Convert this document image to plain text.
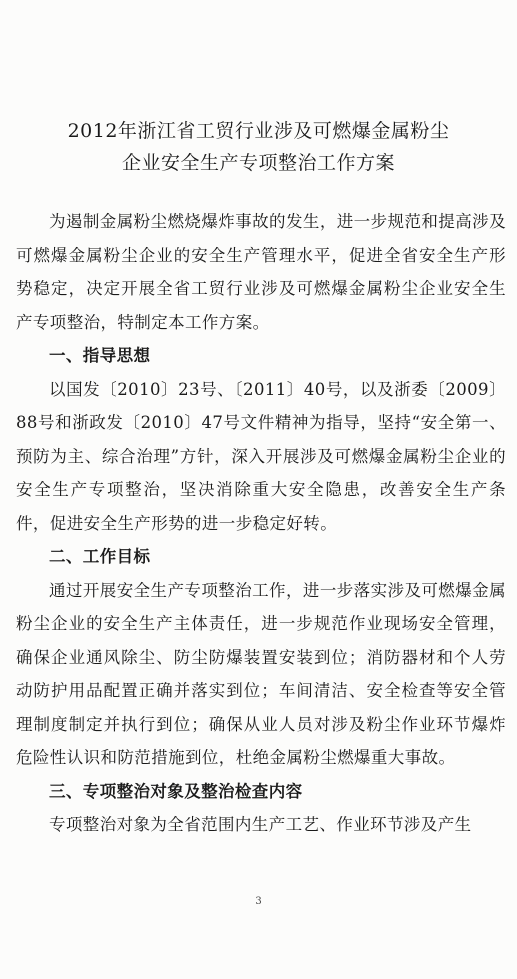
2012年浙江省工贸行业涉及可燃爆金属粉尘
企业安全生产专项整治工作方案

为遏制金属粉尘燃烧爆炸事故的发生，进一步规范和提高涉及可燃爆金属粉尘企业的安全生产管理水平，促进全省安全生产形势稳定，决定开展全省工贸行业涉及可燃爆金属粉尘企业安全生产专项整治，特制定本工作方案。

一、指导思想

以国发〔2010〕23号、〔2011〕40号，以及浙委〔2009〕88号和浙政发〔2010〕47号文件精神为指导，坚持“安全第一、预防为主、综合治理”方针，深入开展涉及可燃爆金属粉尘企业的安全生产专项整治，坚决消除重大安全隐患，改善安全生产条件，促进安全生产形势的进一步稳定好转。

二、工作目标

通过开展安全生产专项整治工作，进一步落实涉及可燃爆金属粉尘企业的安全生产主体责任，进一步规范作业现场安全管理，确保企业通风除尘、防尘防爆装置安装到位；消防器材和个人劳动防护用品配置正确并落实到位；车间清洁、安全检查等安全管理制度制定并执行到位；确保从业人员对涉及粉尘作业环节爆炸危险性认识和防范措施到位，杜绝金属粉尘燃爆重大事故。

三、专项整治对象及整治检查内容

专项整治对象为全省范围内生产工艺、作业环节涉及产生

3
